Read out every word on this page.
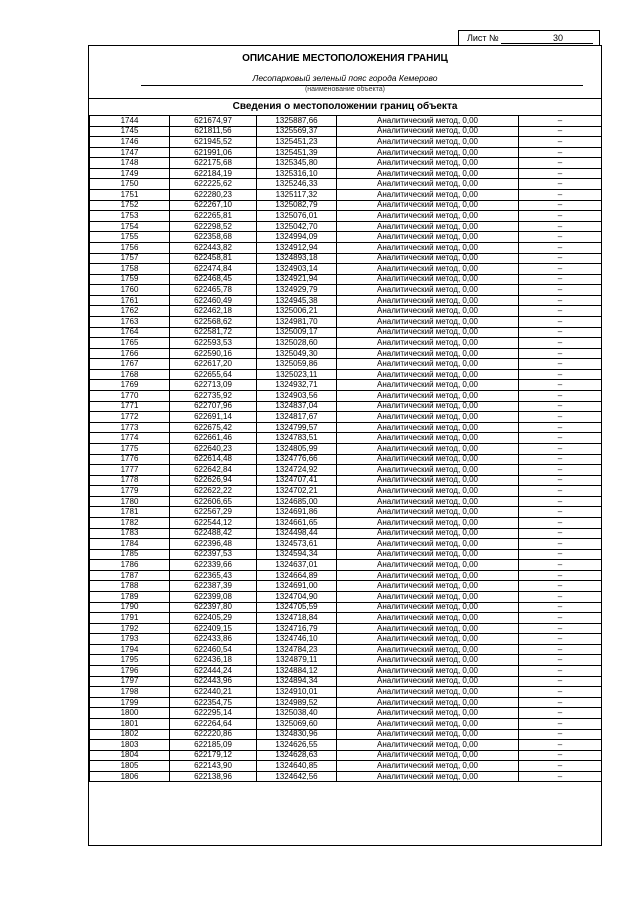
Лист №	30
ОПИСАНИЕ МЕСТОПОЛОЖЕНИЯ ГРАНИЦ
Лесопарковый зеленый пояс города Кемерово
(наименование объекта)
Сведения о местоположении границ объекта
1744	621674,97	1325887,66	Аналитический метод, 0,00	–
1745	621811,56	1325569,37	Аналитический метод, 0,00	–
1746	621945,52	1325451,23	Аналитический метод, 0,00	–
1747	621991,06	1325451,39	Аналитический метод, 0,00	–
1748	622175,68	1325345,80	Аналитический метод, 0,00	–
1749	622184,19	1325316,10	Аналитический метод, 0,00	–
1750	622225,62	1325246,33	Аналитический метод, 0,00	–
1751	622280,23	1325117,32	Аналитический метод, 0,00	–
1752	622267,10	1325082,79	Аналитический метод, 0,00	–
1753	622265,81	1325076,01	Аналитический метод, 0,00	–
1754	622298,52	1325042,70	Аналитический метод, 0,00	–
1755	622358,68	1324994,09	Аналитический метод, 0,00	–
1756	622443,82	1324912,94	Аналитический метод, 0,00	–
1757	622458,81	1324893,18	Аналитический метод, 0,00	–
1758	622474,84	1324903,14	Аналитический метод, 0,00	–
1759	622468,45	1324921,94	Аналитический метод, 0,00	–
1760	622465,78	1324929,79	Аналитический метод, 0,00	–
1761	622460,49	1324945,38	Аналитический метод, 0,00	–
1762	622462,18	1325006,21	Аналитический метод, 0,00	–
1763	622568,62	1324981,70	Аналитический метод, 0,00	–
1764	622581,72	1325009,17	Аналитический метод, 0,00	–
1765	622593,53	1325028,60	Аналитический метод, 0,00	–
1766	622590,16	1325049,30	Аналитический метод, 0,00	–
1767	622617,20	1325059,86	Аналитический метод, 0,00	–
1768	622655,64	1325023,11	Аналитический метод, 0,00	–
1769	622713,09	1324932,71	Аналитический метод, 0,00	–
1770	622735,92	1324903,56	Аналитический метод, 0,00	–
1771	622707,96	1324837,04	Аналитический метод, 0,00	–
1772	622691,14	1324817,67	Аналитический метод, 0,00	–
1773	622675,42	1324799,57	Аналитический метод, 0,00	–
1774	622661,46	1324783,51	Аналитический метод, 0,00	–
1775	622640,23	1324805,99	Аналитический метод, 0,00	–
1776	622614,48	1324776,66	Аналитический метод, 0,00	–
1777	622642,84	1324724,92	Аналитический метод, 0,00	–
1778	622626,94	1324707,41	Аналитический метод, 0,00	–
1779	622622,22	1324702,21	Аналитический метод, 0,00	–
1780	622606,65	1324685,00	Аналитический метод, 0,00	–
1781	622567,29	1324691,86	Аналитический метод, 0,00	–
1782	622544,12	1324661,65	Аналитический метод, 0,00	–
1783	622488,42	1324498,44	Аналитический метод, 0,00	–
1784	622396,48	1324573,61	Аналитический метод, 0,00	–
1785	622397,53	1324594,34	Аналитический метод, 0,00	–
1786	622339,66	1324637,01	Аналитический метод, 0,00	–
1787	622365,43	1324664,89	Аналитический метод, 0,00	–
1788	622387,39	1324691,00	Аналитический метод, 0,00	–
1789	622399,08	1324704,90	Аналитический метод, 0,00	–
1790	622397,80	1324705,59	Аналитический метод, 0,00	–
1791	622405,29	1324718,84	Аналитический метод, 0,00	–
1792	622409,15	1324716,79	Аналитический метод, 0,00	–
1793	622433,86	1324746,10	Аналитический метод, 0,00	–
1794	622460,54	1324784,23	Аналитический метод, 0,00	–
1795	622436,18	1324879,11	Аналитический метод, 0,00	–
1796	622444,24	1324884,12	Аналитический метод, 0,00	–
1797	622443,96	1324894,34	Аналитический метод, 0,00	–
1798	622440,21	1324910,01	Аналитический метод, 0,00	–
1799	622354,75	1324989,52	Аналитический метод, 0,00	–
1800	622295,14	1325038,40	Аналитический метод, 0,00	–
1801	622264,64	1325069,60	Аналитический метод, 0,00	–
1802	622220,86	1324830,96	Аналитический метод, 0,00	–
1803	622185,09	1324626,55	Аналитический метод, 0,00	–
1804	622179,12	1324628,63	Аналитический метод, 0,00	–
1805	622143,90	1324640,85	Аналитический метод, 0,00	–
1806	622138,96	1324642,56	Аналитический метод, 0,00	–
